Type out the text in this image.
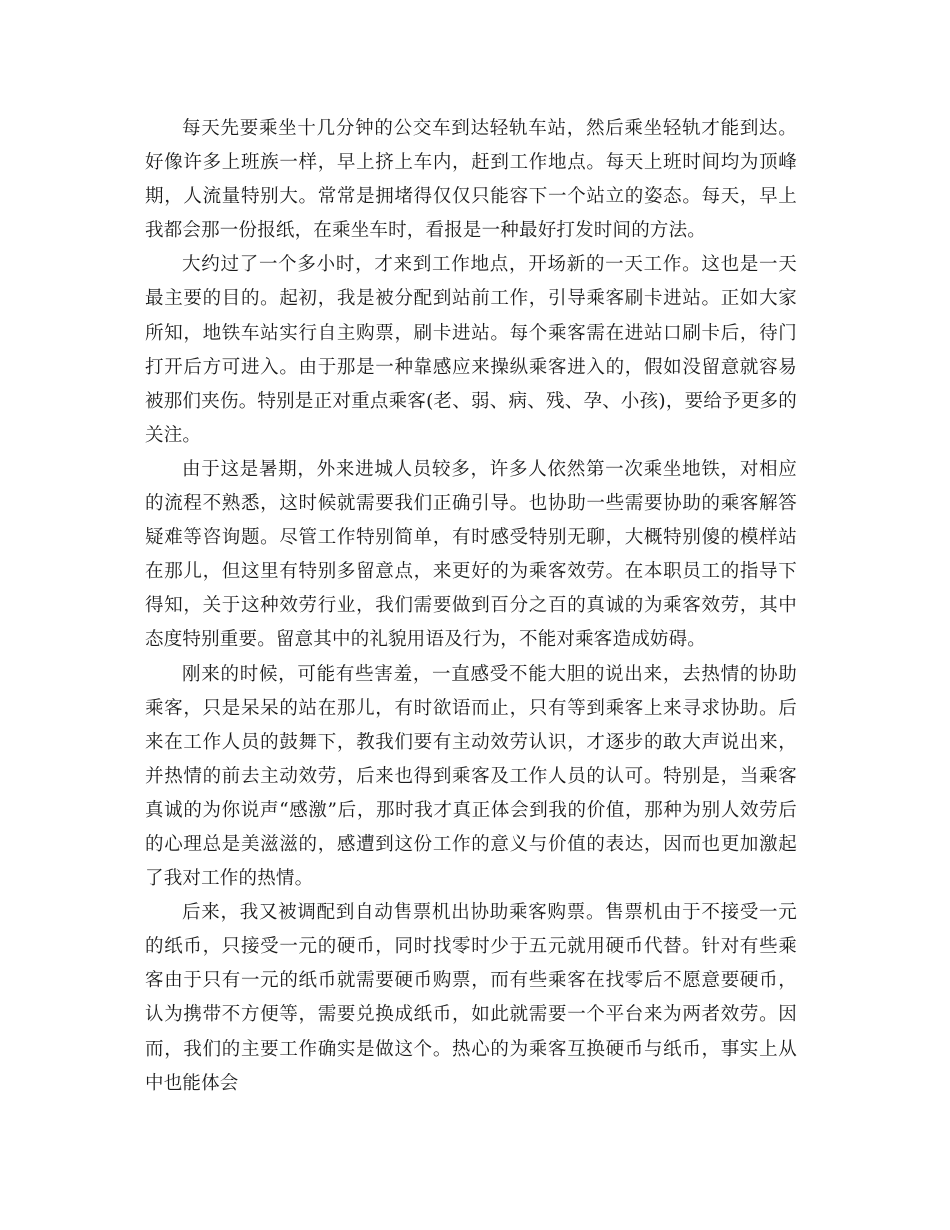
每天先要乘坐十几分钟的公交车到达轻轨车站，然后乘坐轻轨才能到达。好像许多上班族一样，早上挤上车内，赶到工作地点。每天上班时间均为顶峰期，人流量特别大。常常是拥堵得仅仅只能容下一个站立的姿态。每天，早上我都会那一份报纸，在乘坐车时，看报是一种最好打发时间的方法。

大约过了一个多小时，才来到工作地点，开场新的一天工作。这也是一天最主要的目的。起初，我是被分配到站前工作，引导乘客刷卡进站。正如大家所知，地铁车站实行自主购票，刷卡进站。每个乘客需在进站口刷卡后，待门打开后方可进入。由于那是一种靠感应来操纵乘客进入的，假如没留意就容易被那们夹伤。特别是正对重点乘客(老、弱、病、残、孕、小孩)，要给予更多的关注。

由于这是暑期，外来进城人员较多，许多人依然第一次乘坐地铁，对相应的流程不熟悉，这时候就需要我们正确引导。也协助一些需要协助的乘客解答疑难等咨询题。尽管工作特别简单，有时感受特别无聊，大概特别傻的模样站在那儿，但这里有特别多留意点，来更好的为乘客效劳。在本职员工的指导下得知，关于这种效劳行业，我们需要做到百分之百的真诚的为乘客效劳，其中态度特别重要。留意其中的礼貌用语及行为，不能对乘客造成妨碍。

刚来的时候，可能有些害羞，一直感受不能大胆的说出来，去热情的协助乘客，只是呆呆的站在那儿，有时欲语而止，只有等到乘客上来寻求协助。后来在工作人员的鼓舞下，教我们要有主动效劳认识，才逐步的敢大声说出来，并热情的前去主动效劳，后来也得到乘客及工作人员的认可。特别是，当乘客真诚的为你说声“感激”后，那时我才真正体会到我的价值，那种为别人效劳后的心理总是美滋滋的，感遭到这份工作的意义与价值的表达，因而也更加激起了我对工作的热情。

后来，我又被调配到自动售票机出协助乘客购票。售票机由于不接受一元的纸币，只接受一元的硬币，同时找零时少于五元就用硬币代替。针对有些乘客由于只有一元的纸币就需要硬币购票，而有些乘客在找零后不愿意要硬币，认为携带不方便等，需要兑换成纸币，如此就需要一个平台来为两者效劳。因而，我们的主要工作确实是做这个。热心的为乘客互换硬币与纸币，事实上从中也能体会
